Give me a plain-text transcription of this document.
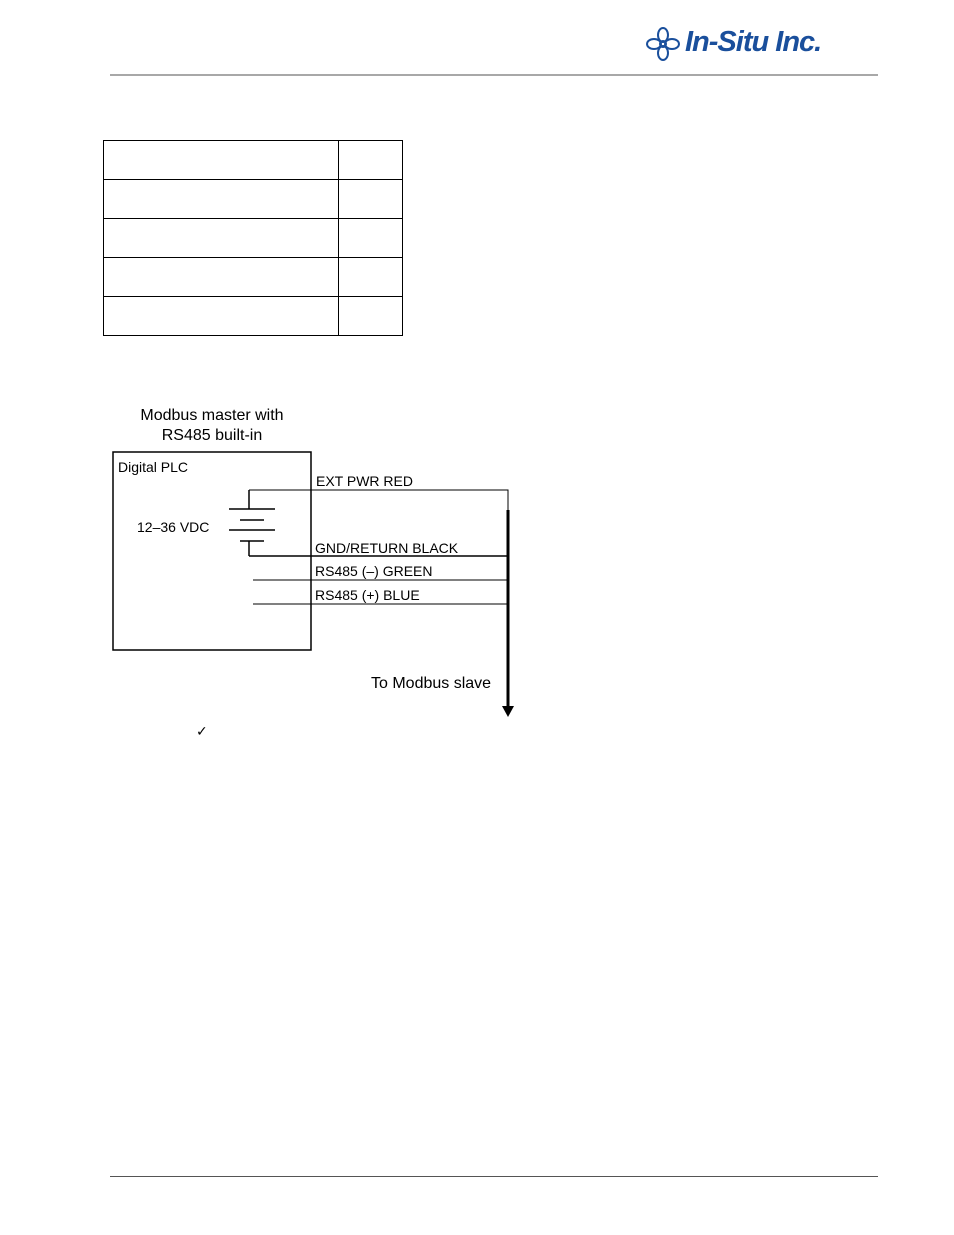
In-Situ Inc.

Modbus master with
RS485 built-in
Digital PLC
12–36 VDC
EXT PWR RED
GND/RETURN BLACK
RS485 (–) GREEN
RS485 (+) BLUE
To Modbus slave
✓
